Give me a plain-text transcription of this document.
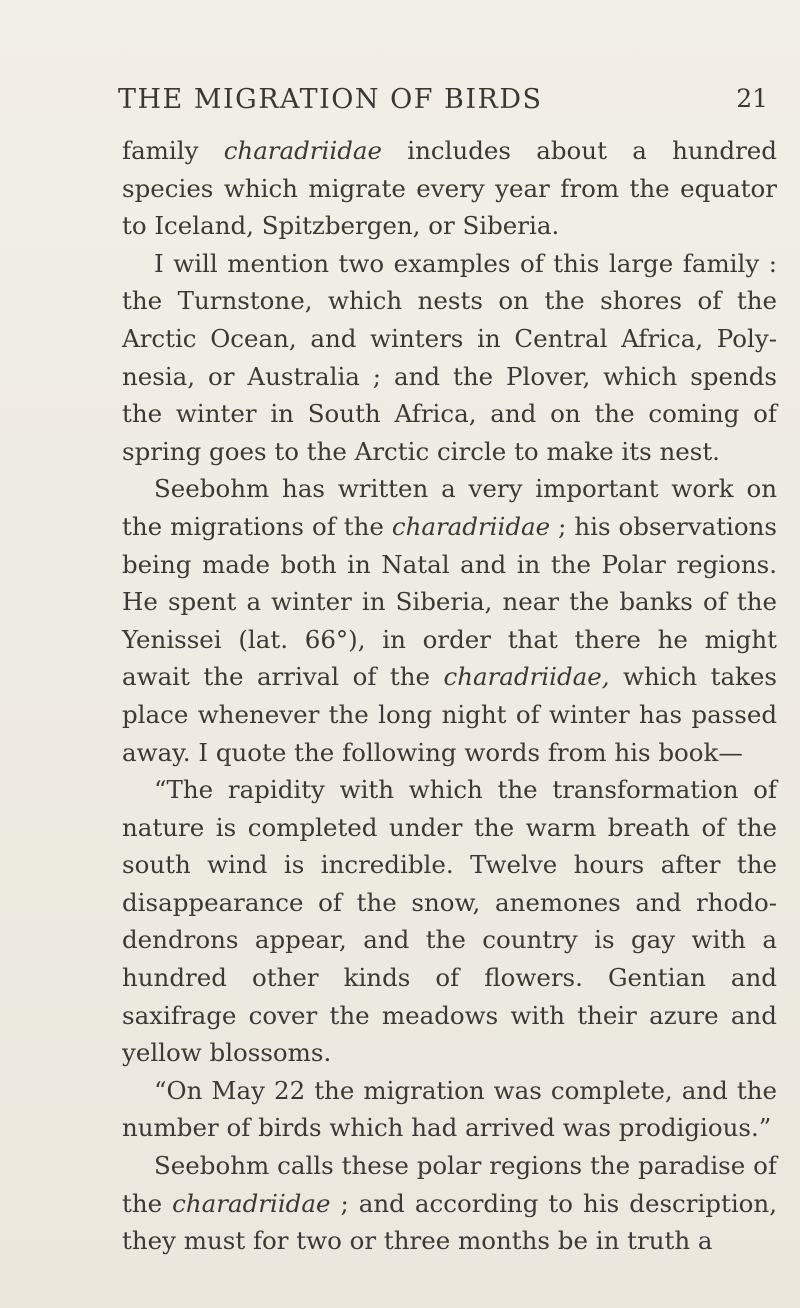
THE MIGRATION OF BIRDS	21

family charadriidae includes about a hundred species which migrate every year from the equator to Iceland, Spitzbergen, or Siberia.

I will mention two examples of this large family : the Turnstone, which nests on the shores of the Arctic Ocean, and winters in Central Africa, Polynesia, or Australia ; and the Plover, which spends the winter in South Africa, and on the coming of spring goes to the Arctic circle to make its nest.

Seebohm has written a very important work on the migrations of the charadriidae ; his observations being made both in Natal and in the Polar regions. He spent a winter in Siberia, near the banks of the Yenissei (lat. 66°), in order that there he might await the arrival of the charadriidae, which takes place whenever the long night of winter has passed away. I quote the following words from his book—

“The rapidity with which the transformation of nature is completed under the warm breath of the south wind is incredible. Twelve hours after the disappearance of the snow, anemones and rhododendrons appear, and the country is gay with a hundred other kinds of flowers. Gentian and saxifrage cover the meadows with their azure and yellow blossoms.

“On May 22 the migration was complete, and the number of birds which had arrived was prodigious.”

Seebohm calls these polar regions the paradise of the charadriidae ; and according to his description, they must for two or three months be in truth a
